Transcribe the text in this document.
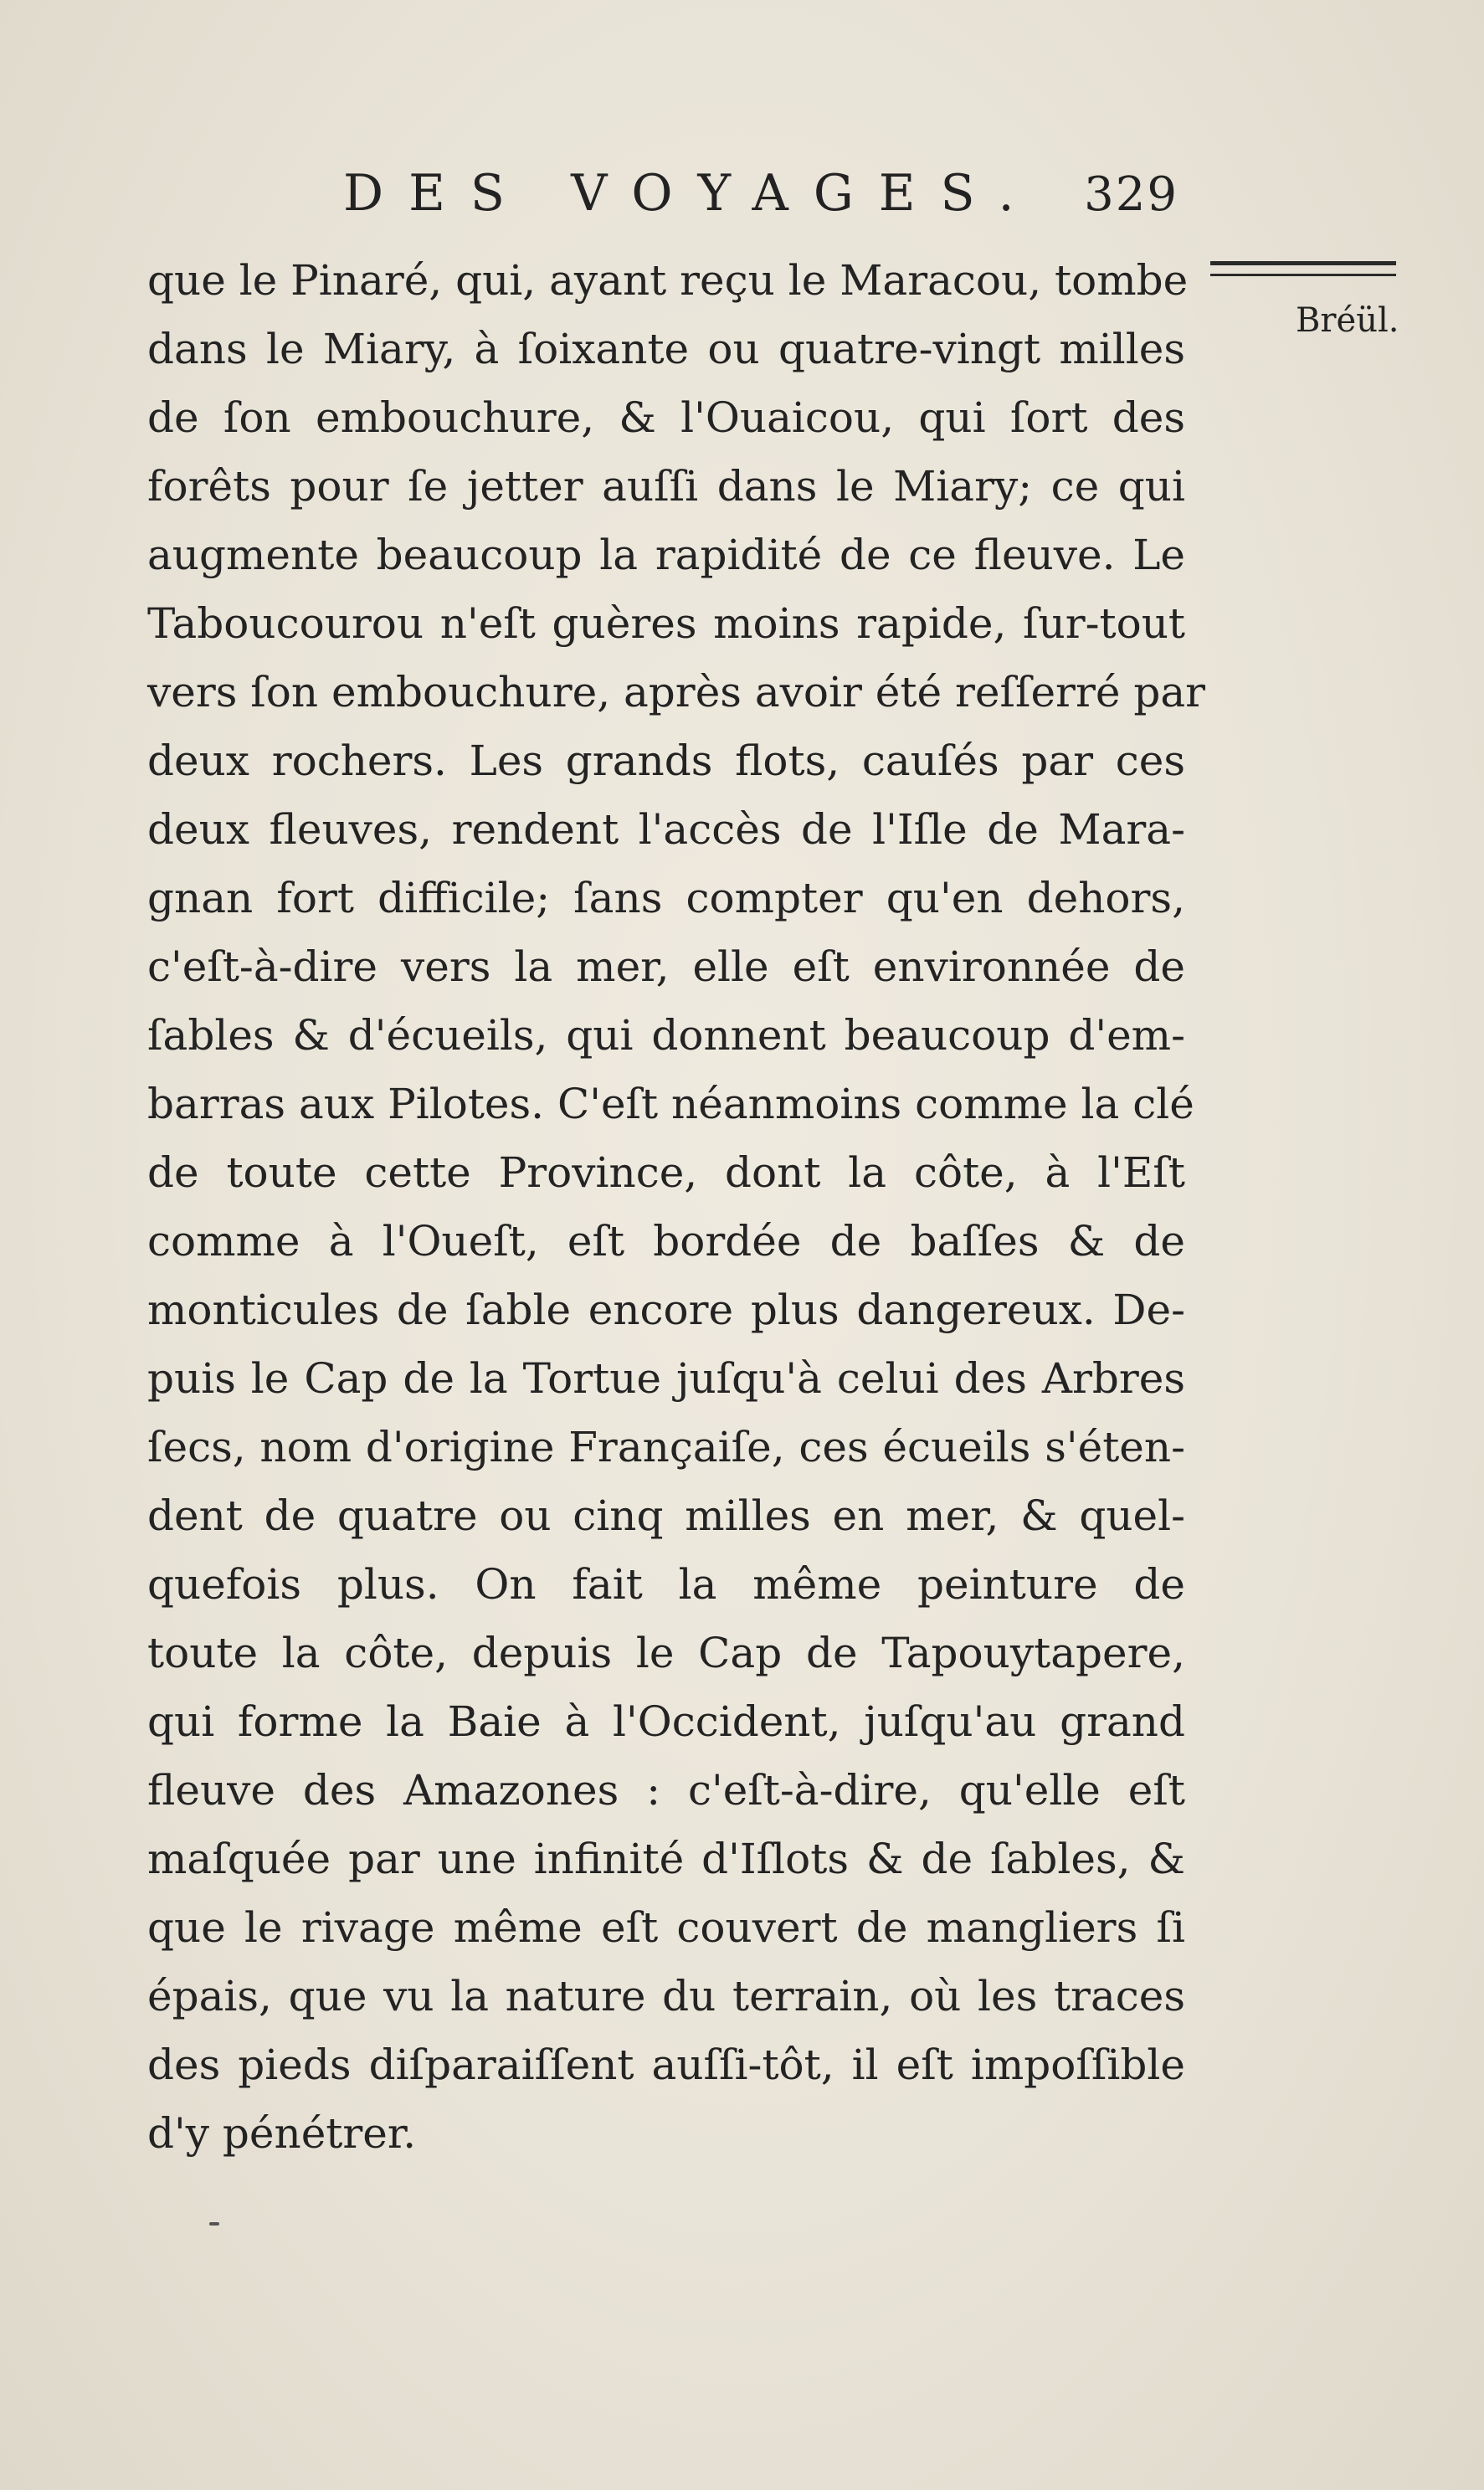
DES VOYAGES. 329
Bréül.
que le Pinaré, qui, ayant reçu le Maracou, tombe
dans le Miary, à ſoixante ou quatre-vingt milles
de ſon embouchure, & l'Ouaicou, qui ſort des
forêts pour ſe jetter auſſi dans le Miary; ce qui
augmente beaucoup la rapidité de ce fleuve. Le
Taboucourou n'eſt guères moins rapide, ſur-tout
vers ſon embouchure, après avoir été reſſerré par
deux rochers. Les grands flots, cauſés par ces
deux fleuves, rendent l'accès de l'Iſle de Mara-
gnan fort difficile; ſans compter qu'en dehors,
c'eſt-à-dire vers la mer, elle eſt environnée de
ſables & d'écueils, qui donnent beaucoup d'em-
barras aux Pilotes. C'eſt néanmoins comme la clé
de toute cette Province, dont la côte, à l'Eſt
comme à l'Oueſt, eſt bordée de baſſes & de
monticules de ſable encore plus dangereux. De-
puis le Cap de la Tortue juſqu'à celui des Arbres
ſecs, nom d'origine Françaiſe, ces écueils s'éten-
dent de quatre ou cinq milles en mer, & quel-
quefois plus. On fait la même peinture de
toute la côte, depuis le Cap de Tapouytapere,
qui forme la Baie à l'Occident, juſqu'au grand
fleuve des Amazones : c'eſt-à-dire, qu'elle eſt
maſquée par une infinité d'Iſlots & de ſables, &
que le rivage même eſt couvert de mangliers ſi
épais, que vu la nature du terrain, où les traces
des pieds diſparaiſſent auſſi-tôt, il eſt impoſſible
d'y pénétrer.
